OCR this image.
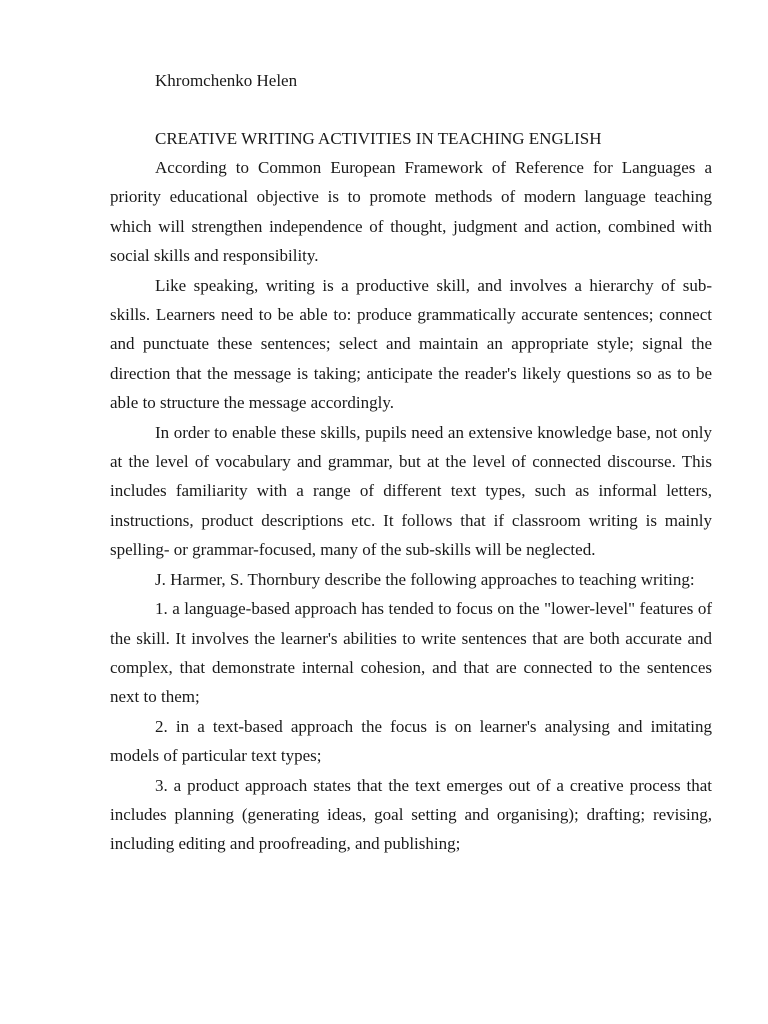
Khromchenko Helen

CREATIVE WRITING ACTIVITIES IN TEACHING ENGLISH

According to Common European Framework of Reference for Languages a priority educational objective is to promote methods of modern language teaching which will strengthen independence of thought, judgment and action, combined with social skills and responsibility.

Like speaking, writing is a productive skill, and involves a hierarchy of sub-skills. Learners need to be able to: produce grammatically accurate sentences; connect and punctuate these sentences; select and maintain an appropriate style; signal the direction that the message is taking; anticipate the reader's likely questions so as to be able to structure the message accordingly.

In order to enable these skills, pupils need an extensive knowledge base, not only at the level of vocabulary and grammar, but at the level of connected discourse. This includes familiarity with a range of different text types, such as informal letters, instructions, product descriptions etc. It follows that if classroom writing is mainly spelling- or grammar-focused, many of the sub-skills will be neglected.

J. Harmer, S. Thornbury describe the following approaches to teaching writing:

1. a language-based approach has tended to focus on the "lower-level" features of the skill. It involves the learner's abilities to write sentences that are both accurate and complex, that demonstrate internal cohesion, and that are connected to the sentences next to them;

2. in a text-based approach the focus is on learner's analysing and imitating models of particular text types;

3. a product approach states that the text emerges out of a creative process that includes planning (generating ideas, goal setting and organising); drafting; revising, including editing and proofreading, and publishing;
